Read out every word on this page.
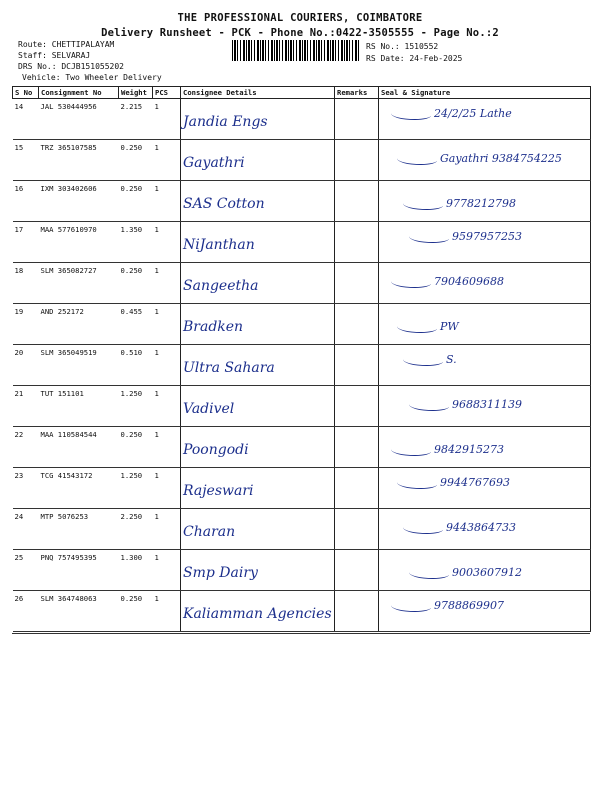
THE PROFESSIONAL COURIERS, COIMBATORE
Delivery Runsheet - PCK - Phone No.:0422-3505555 - Page No.:2
Route: CHETTIPALAYAM
Staff: SELVARAJ
DRS No.: DCJB151055202
Vehicle: Two Wheeler Delivery
RS No.: 1510552
RS Date: 24-Feb-2025
S No	Consignment No	Weight	PCS	Consignee Details	Remarks	Seal & Signature
14	JAL 530444956	2.215	1	Jandia Engs		24/2/25 Lathe

15	TRZ 365107585	0.250	1	Gayathri		Gayathri 9384754225

16	IXM 303402606	0.250	1	SAS Cotton		9778212798

17	MAA 577610970	1.350	1	NiJanthan		9597957253

18	SLM 365082727	0.250	1	Sangeetha		7904609688

19	AND 252172	0.455	1	Bradken		PW

20	SLM 365049519	0.510	1	Ultra Sahara		S.

21	TUT 151101	1.250	1	Vadivel		9688311139

22	MAA 110584544	0.250	1	Poongodi		9842915273

23	TCG 41543172	1.250	1	Rajeswari		9944767693

24	MTP 5076253	2.250	1	Charan		9443864733

25	PNQ 757495395	1.300	1	Smp Dairy		9003607912

26	SLM 364748063	0.250	1	Kaliamman Agencies		9788869907
